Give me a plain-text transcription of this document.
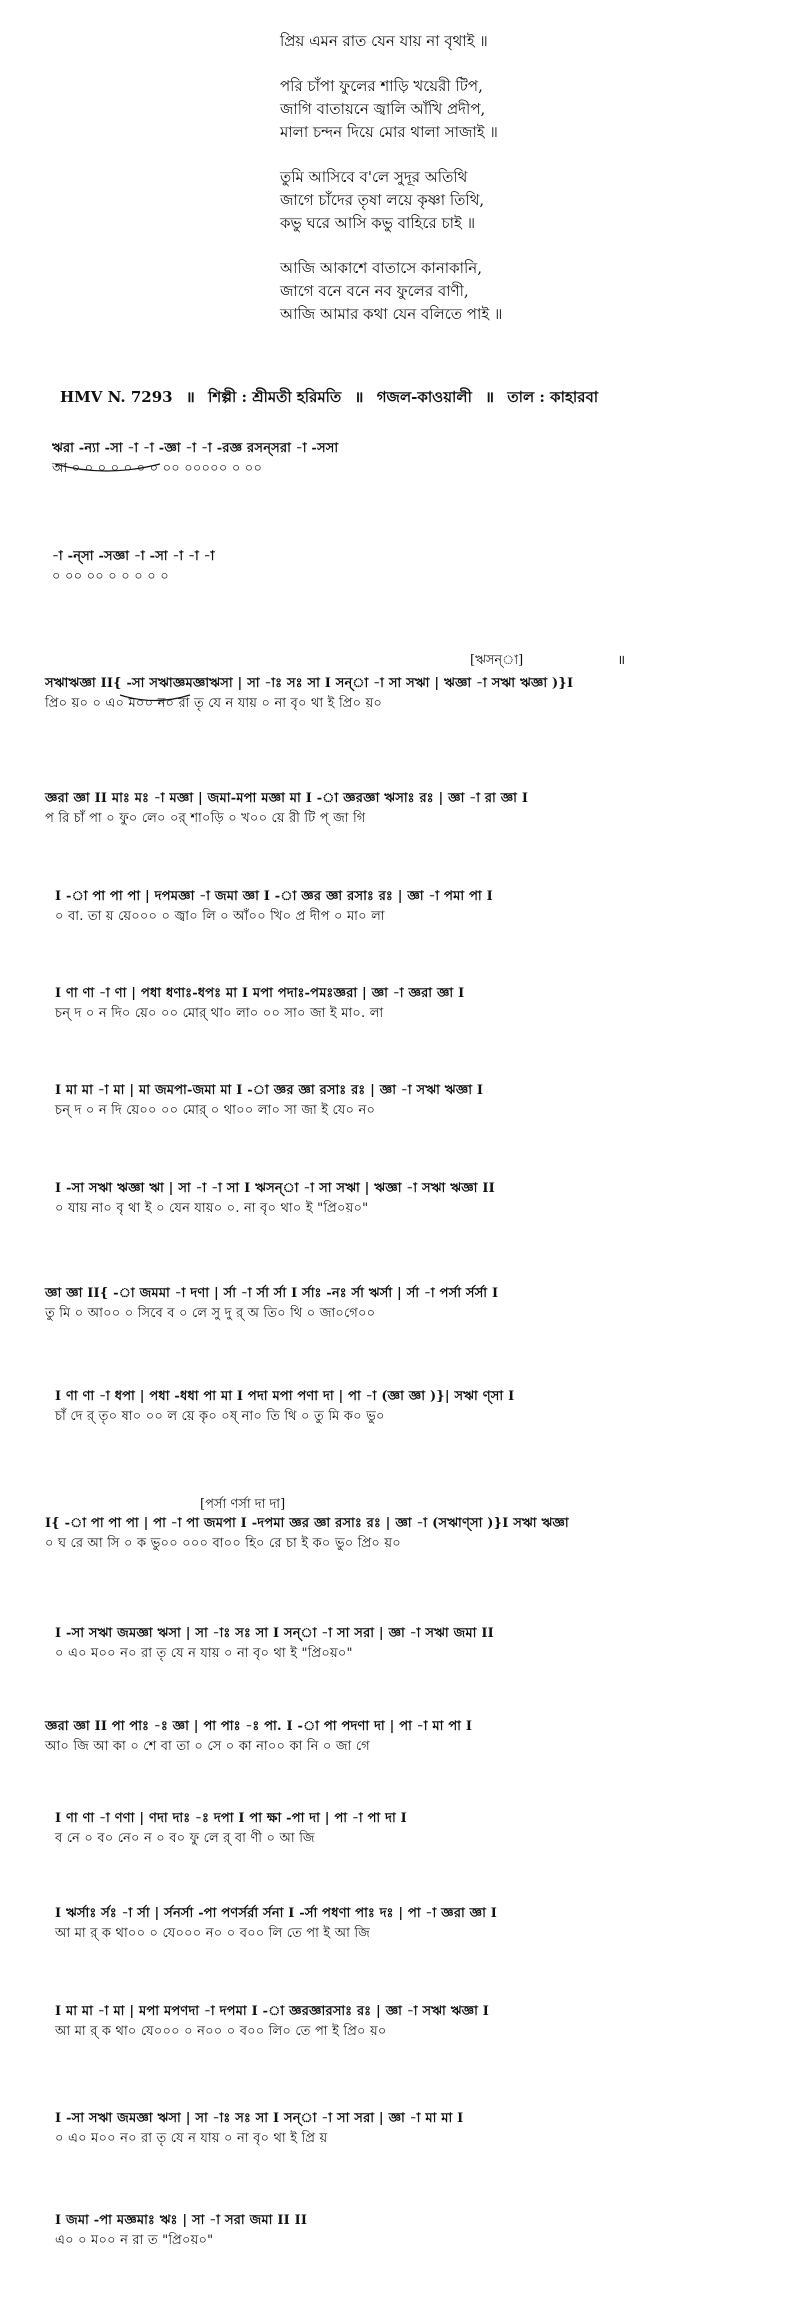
প্রিয় এমন রাত যেন যায় না বৃথাই ॥
পরি চাঁপা ফুলের শাড়ি খয়েরী টিপ,
জাগি বাতায়নে জ্বালি আঁখি প্রদীপ,
মালা চন্দন দিয়ে মোর থালা সাজাই ॥
তুমি আসিবে ব'লে সুদূর অতিথি
জাগে চাঁদের তৃষা লয়ে কৃষ্ণা তিথি,
কভু ঘরে আসি কভু বাহিরে চাই ॥
আজি আকাশে বাতাসে কানাকানি,
জাগে বনে বনে নব ফুলের বাণী,
আজি আমার কথা যেন বলিতে পাই ॥
HMV N. 7293 ॥ শিল্পী : শ্রীমতী হরিমতি ॥ গজল-কাওয়ালী ॥ তাল : কাহারবা
[ঋসন্‌া]	॥
[পর্সা ণর্সা দা দা]
ঋরা -ন্যা -সা -া -া -জ্ঞা -া -া -রজ্ঞ রসন্‌সরা -া -সসা
আ ০ ০ ০ ০ ০ ০ ০ ০০ ০০০০০ ০ ০০
-া -ন্‌সা -সজ্ঞা -া -সা -া -া -া
০ ০০ ০০ ০ ০ ০ ০ ০
সঋাঋজ্ঞা II{ -সা সঋাজ্ঞমজ্ঞাঋসা | সা -াঃ সঃ সা I সন্‌া -া সা সঋা | ঋজ্ঞা -া সঋা ঋজ্ঞা )}I
প্রি০ য়০ ০ এ০ ম০০ ন০ রা তৃ যে ন যায় ০ না বৃ০ থা ই প্রি০ য়০
জ্ঞরা জ্ঞা II মাঃ মঃ -া মজ্ঞা | জমা-মপা মজ্ঞা মা I -া জ্ঞরজ্ঞা ঋসাঃ রঃ | জ্ঞা -া রা জ্ঞা I
প রি চাঁ পা ০ ফু০ লে০ ০র্ শা০ড়ি ০ খ০০ য়ে রী টি প্ জা গি
I -া পা পা পা | দপমজ্ঞা -া জমা জ্ঞা I -া জ্ঞর জ্ঞা রসাঃ রঃ | জ্ঞা -া পমা পা I
০ বা. তা য় য়ে০০০ ০ জ্বা০ লি ০ আঁ০০ খি০ প্র দীপ ০ মা০ লা
I ণা ণা -া ণা | পধা ধণাঃ-ধপঃ মা I মপা পদাঃ-পমঃজ্ঞরা | জ্ঞা -া জ্ঞরা জ্ঞা I
চন্ দ ০ ন দি০ য়ে০ ০০ মোর্ থা০ লা০ ০০ সা০ জা ই মা০. লা
I মা মা -া মা | মা জমপা-জমা মা I -া জ্ঞর জ্ঞা রসাঃ রঃ | জ্ঞা -া সঋা ঋজ্ঞা I
চন্ দ ০ ন দি য়ে০০ ০০ মোর্ ০ থা০০ লা০ সা জা ই যে০ ন০
I -সা সঋা ঋজ্ঞা ঋা | সা -া -া সা I ঋসন্‌া -া সা সঋা | ঋজ্ঞা -া সঋা ঋজ্ঞা II
০ যায় না০ বৃ থা ই ০ যেন যায়০ ০. না বৃ০ থা০ ই "প্রি০য়০"
জ্ঞা জ্ঞা II{ -া জমমা -া দণা | র্সা -া র্সা র্সা I র্সাঃ -নঃ র্সা ঋর্সা | র্সা -া পর্সা র্সর্সা I
তু মি ০ আ০০ ০ সিবে ব ০ লে সু দু র্ অ তি০ থি ০ জা০গে০০
I ণা ণা -া ধপা | পধা -ধধা পা মা I পদা মপা পণা দা | পা -া (জ্ঞা জ্ঞা )}| সঋা ণ্‌সা I
চাঁ দে র্ তৃ০ ষা০ ০০ ল য়ে কৃ০ ০ষ্ না০ তি থি ০ তু মি ক০ ভু০
I{ -া পা পা পা | পা -া পা জমপা I -দপমা জ্ঞর জ্ঞা রসাঃ রঃ | জ্ঞা -া (সঋাণ্‌সা )}I সঋা ঋজ্ঞা
০ ঘ রে আ সি ০ ক ভু০০ ০০০ বা০০ হি০ রে চা ই ক০ ভু০ প্রি০ য়০
I -সা সঋা জমজ্ঞা ঋসা | সা -াঃ সঃ সা I সন্‌া -া সা সরা | জ্ঞা -া সঋা জমা II
০ এ০ ম০০ ন০ রা তৃ যে ন যায় ০ না বৃ০ থা ই "প্রি০য়০"
জ্ঞরা জ্ঞা II পা পাঃ -ঃ জ্ঞা | পা পাঃ -ঃ পা. I -া পা পদণা দা | পা -া মা পা I
আ০ জি আ কা ০ শে বা তা ০ সে ০ কা না০০ কা নি ০ জা গে
I ণা ণা -া ণণা | ণদা দাঃ -ঃ দপা I পা ক্ষা -পা দা | পা -া পা দা I
ব নে ০ ব০ নে০ ন ০ ব০ ফু লে র্ বা ণী ০ আ জি
I ঋর্সাঃ র্সঃ -া র্সা | র্সনর্সা -পা পণর্সর্রা র্সনা I -র্সা পধণা পাঃ দঃ | পা -া জ্ঞরা জ্ঞা I
আ মা র্ ক থা০০ ০ যে০০০ ন০ ০ ব০০ লি তে পা ই আ জি
I মা মা -া মা | মপা মপণদা -া দপমা I -া জ্ঞরজ্ঞারসাঃ রঃ | জ্ঞা -া সঋা ঋজ্ঞা I
আ মা র্ ক থা০ যে০০০ ০ ন০০ ০ ব০০ লি০ তে পা ই প্রি০ য়০
I -সা সঋা জমজ্ঞা ঋসা | সা -াঃ সঃ সা I সন্‌া -া সা সরা | জ্ঞা -া মা মা I
০ এ০ ম০০ ন০ রা তৃ যে ন যায় ০ না বৃ০ থা ই প্রি য়
I জমা -পা মজ্ঞমাঃ ঋঃ | সা -া সরা জমা II II
এ০ ০ ম০০ ন রা ত "প্রি০য়০"
